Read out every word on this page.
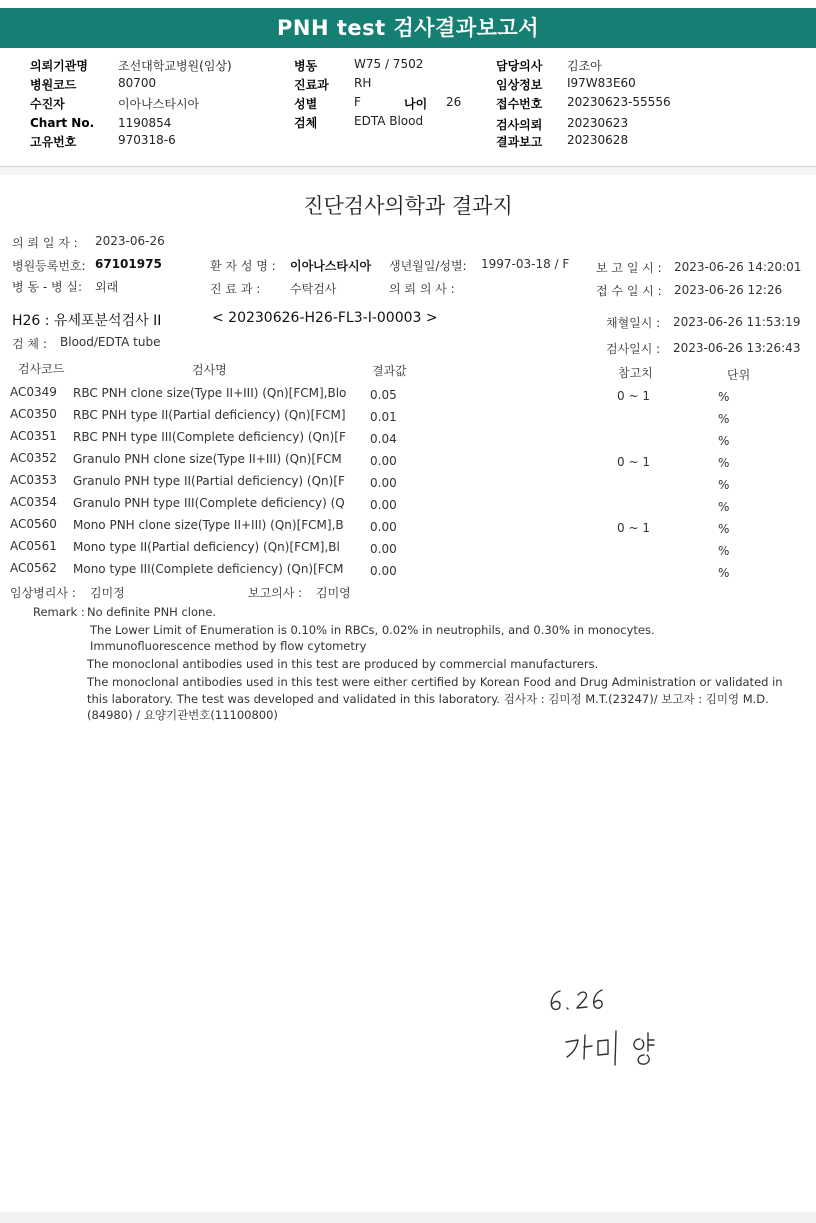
PNH test 검사결과보고서
의뢰기관명	조선대학교병원(임상)
병원코드	80700
수진자	이아나스타시아
Chart No. 1190854
고유번호	970318-6
병동	W75 / 7502
진료과 RH
성별	F	나이 26
검체	EDTA Blood
담당의사 김조아
임상정보 I97W83E60
접수번호 20230623-55556
검사의뢰 20230623
결과보고 20230628
진단검사의학과 결과지
의 뢰 일 자 : 2023-06-26
병원등록번호: 67101975	환 자 성 명 : 이아나스타시아 생년월일/성별: 1997-03-18 / F 보 고 일 시 : 2023-06-26 14:20:01
병 동 - 병 실: 외래	진 료 과 : 수탁검사	의 뢰 의 사 :	접 수 일 시 : 2023-06-26 12:26
H26 : 유세포분석검사 II	< 20230626-H26-FL3-I-00003 >	채혈일시 : 2023-06-26 11:53:19
검 체 : Blood/EDTA tube	검사일시 : 2023-06-26 13:26:43
검사코드	검사명	결과값	참고치	단위
AC0349 RBC PNH clone size(Type II+III) (Qn)[FCM],Blo 0.05	0 ~ 1	%
AC0350 RBC PNH type II(Partial deficiency) (Qn)[FCM] 0.01	%
AC0351 RBC PNH type III(Complete deficiency) (Qn)[F 0.04	%
AC0352 Granulo PNH clone size(Type II+III) (Qn)[FCM 0.00	0 ~ 1	%
AC0353 Granulo PNH type II(Partial deficiency) (Qn)[F 0.00	%
AC0354 Granulo PNH type III(Complete deficiency) (Q 0.00	%
AC0560 Mono PNH clone size(Type II+III) (Qn)[FCM],B 0.00	0 ~ 1	%
AC0561 Mono type II(Partial deficiency) (Qn)[FCM],Bl	0.00	%
AC0562 Mono type III(Complete deficiency) (Qn)[FCM 0.00	%
임상병리사 : 김미정	보고의사 : 김미영
Remark : No definite PNH clone.
The Lower Limit of Enumeration is 0.10% in RBCs, 0.02% in neutrophils, and 0.30% in monocytes.
Immunofluorescence method by flow cytometry
The monoclonal antibodies used in this test are produced by commercial manufacturers.
The monoclonal antibodies used in this test were either certified by Korean Food and Drug Administration or validated in
this laboratory. The test was developed and validated in this laboratory. 검사자 : 김미정 M.T.(23247)/ 보고자 : 김미영 M.D.
(84980) / 요양기관번호(11100800)
